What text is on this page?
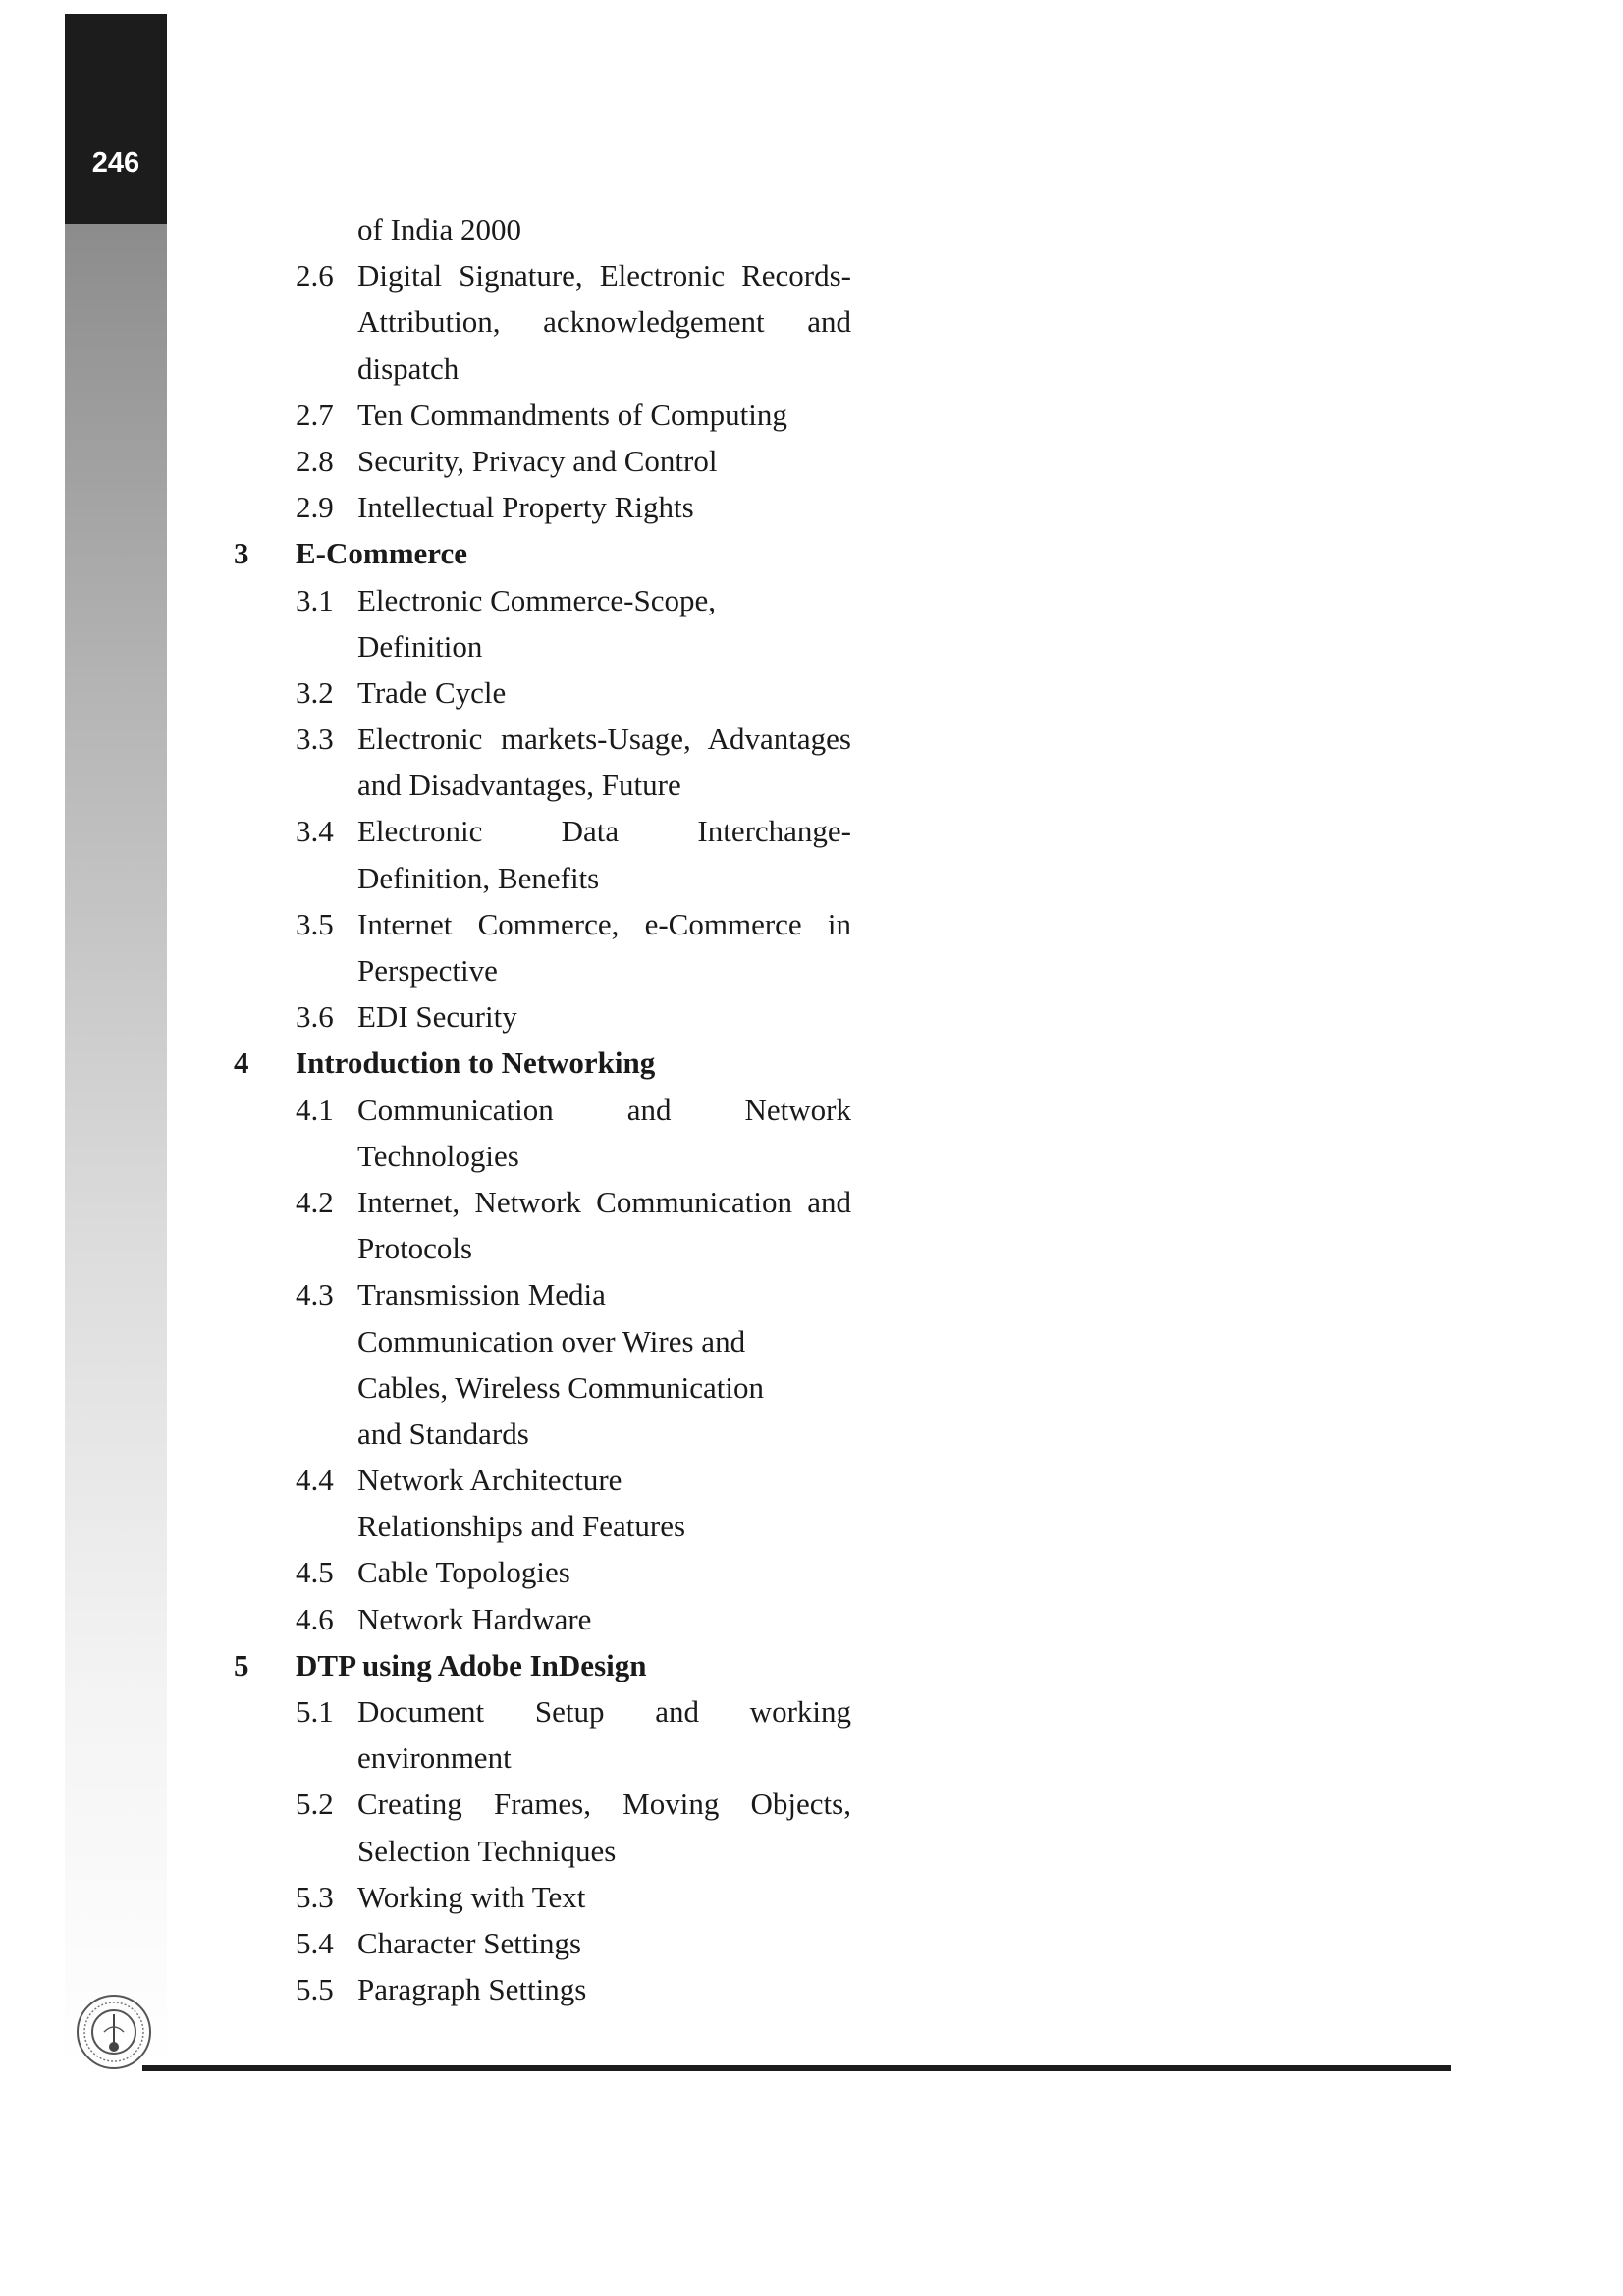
246
of India 2000
2.6 Digital Signature, Electronic Records-
Attribution, acknowledgement and
dispatch
2.7 Ten Commandments of Computing
2.8 Security, Privacy and Control
2.9 Intellectual Property Rights
3 E-Commerce
3.1 Electronic Commerce-Scope,
Definition
3.2 Trade Cycle
3.3 Electronic markets-Usage, Advantages
and Disadvantages, Future
3.4 Electronic Data Interchange-
Definition, Benefits
3.5 Internet Commerce, e-Commerce in
Perspective
3.6 EDI Security
4 Introduction to Networking
4.1 Communication and Network
Technologies
4.2 Internet, Network Communication and
Protocols
4.3 Transmission Media
Communication over Wires and
Cables, Wireless Communication
and Standards
4.4 Network Architecture
Relationships and Features
4.5 Cable Topologies
4.6 Network Hardware
5 DTP using Adobe InDesign
5.1 Document Setup and working
environment
5.2 Creating Frames, Moving Objects,
Selection Techniques
5.3 Working with Text
5.4 Character Settings
5.5 Paragraph Settings
